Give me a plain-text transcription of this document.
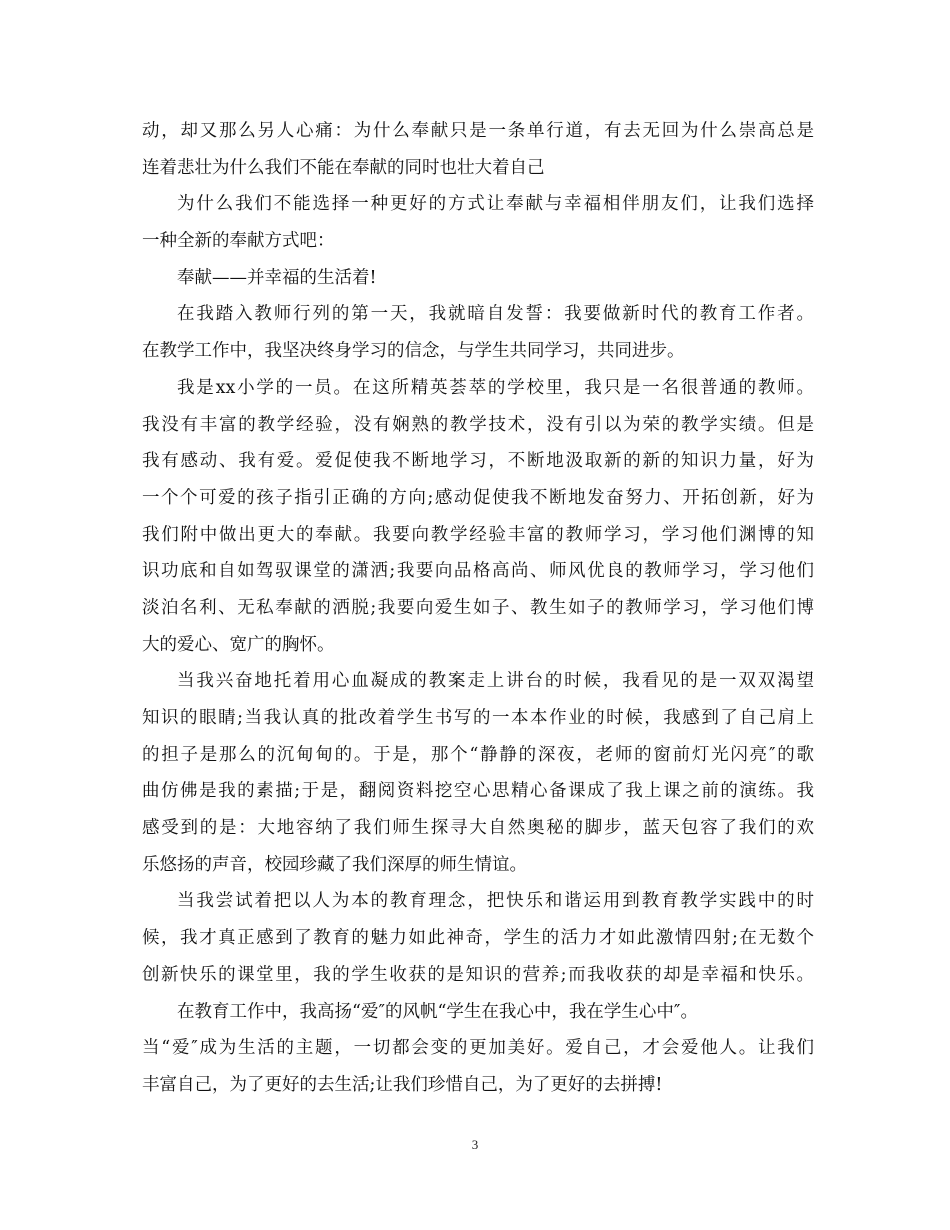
动，却又那么另人心痛：为什么奉献只是一条单行道，有去无回为什么崇高总是
连着悲壮为什么我们不能在奉献的同时也壮大着自己
为什么我们不能选择一种更好的方式让奉献与幸福相伴朋友们，让我们选择
一种全新的奉献方式吧：
奉献——并幸福的生活着!
在我踏入教师行列的第一天，我就暗自发誓：我要做新时代的教育工作者。
在教学工作中，我坚决终身学习的信念，与学生共同学习，共同进步。
我是xx小学的一员。在这所精英荟萃的学校里，我只是一名很普通的教师。
我没有丰富的教学经验，没有娴熟的教学技术，没有引以为荣的教学实绩。但是
我有感动、我有爱。爱促使我不断地学习，不断地汲取新的新的知识力量，好为
一个个可爱的孩子指引正确的方向;感动促使我不断地发奋努力、开拓创新，好为
我们附中做出更大的奉献。我要向教学经验丰富的教师学习，学习他们渊博的知
识功底和自如驾驭课堂的潇洒;我要向品格高尚、师风优良的教师学习，学习他们
淡泊名利、无私奉献的洒脱;我要向爱生如子、教生如子的教师学习，学习他们博
大的爱心、宽广的胸怀。
当我兴奋地托着用心血凝成的教案走上讲台的时候，我看见的是一双双渴望
知识的眼睛;当我认真的批改着学生书写的一本本作业的时候，我感到了自己肩上
的担子是那么的沉甸甸的。于是，那个“静静的深夜，老师的窗前灯光闪亮″的歌
曲仿佛是我的素描;于是，翻阅资料挖空心思精心备课成了我上课之前的演练。我
感受到的是：大地容纳了我们师生探寻大自然奥秘的脚步，蓝天包容了我们的欢
乐悠扬的声音，校园珍藏了我们深厚的师生情谊。
当我尝试着把以人为本的教育理念，把快乐和谐运用到教育教学实践中的时
候，我才真正感到了教育的魅力如此神奇，学生的活力才如此激情四射;在无数个
创新快乐的课堂里，我的学生收获的是知识的营养;而我收获的却是幸福和快乐。
在教育工作中，我高扬“爱″的风帆“学生在我心中，我在学生心中″。
当“爱″成为生活的主题，一切都会变的更加美好。爱自己，才会爱他人。让我们
丰富自己，为了更好的去生活;让我们珍惜自己，为了更好的去拼搏!
3
